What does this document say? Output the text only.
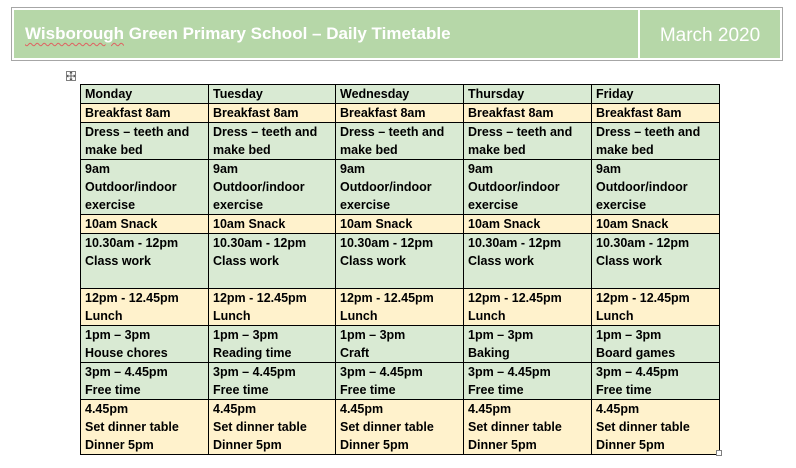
Wisborough Green Primary School – Daily Timetable	March 2020
Monday	Tuesday	Wednesday	Thursday	Friday

Breakfast 8am	Breakfast 8am	Breakfast 8am	Breakfast 8am	Breakfast 8am

Dress – teeth and
make bed	Dress – teeth and
make bed	Dress – teeth and
make bed	Dress – teeth and
make bed	Dress – teeth and
make bed

9am
Outdoor/indoor
exercise	9am
Outdoor/indoor
exercise	9am
Outdoor/indoor
exercise	9am
Outdoor/indoor
exercise	9am
Outdoor/indoor
exercise

10am Snack	10am Snack	10am Snack	10am Snack	10am Snack

10.30am - 12pm
Class work	10.30am - 12pm
Class work	10.30am - 12pm
Class work	10.30am - 12pm
Class work	10.30am - 12pm
Class work

12pm - 12.45pm
Lunch	12pm - 12.45pm
Lunch	12pm - 12.45pm
Lunch	12pm - 12.45pm
Lunch	12pm - 12.45pm
Lunch

1pm – 3pm
House chores	1pm – 3pm
Reading time	1pm – 3pm
Craft	1pm – 3pm
Baking	1pm – 3pm
Board games

3pm – 4.45pm
Free time	3pm – 4.45pm
Free time	3pm – 4.45pm
Free time	3pm – 4.45pm
Free time	3pm – 4.45pm
Free time

4.45pm
Set dinner table
Dinner 5pm	4.45pm
Set dinner table
Dinner 5pm	4.45pm
Set dinner table
Dinner 5pm	4.45pm
Set dinner table
Dinner 5pm	4.45pm
Set dinner table
Dinner 5pm
